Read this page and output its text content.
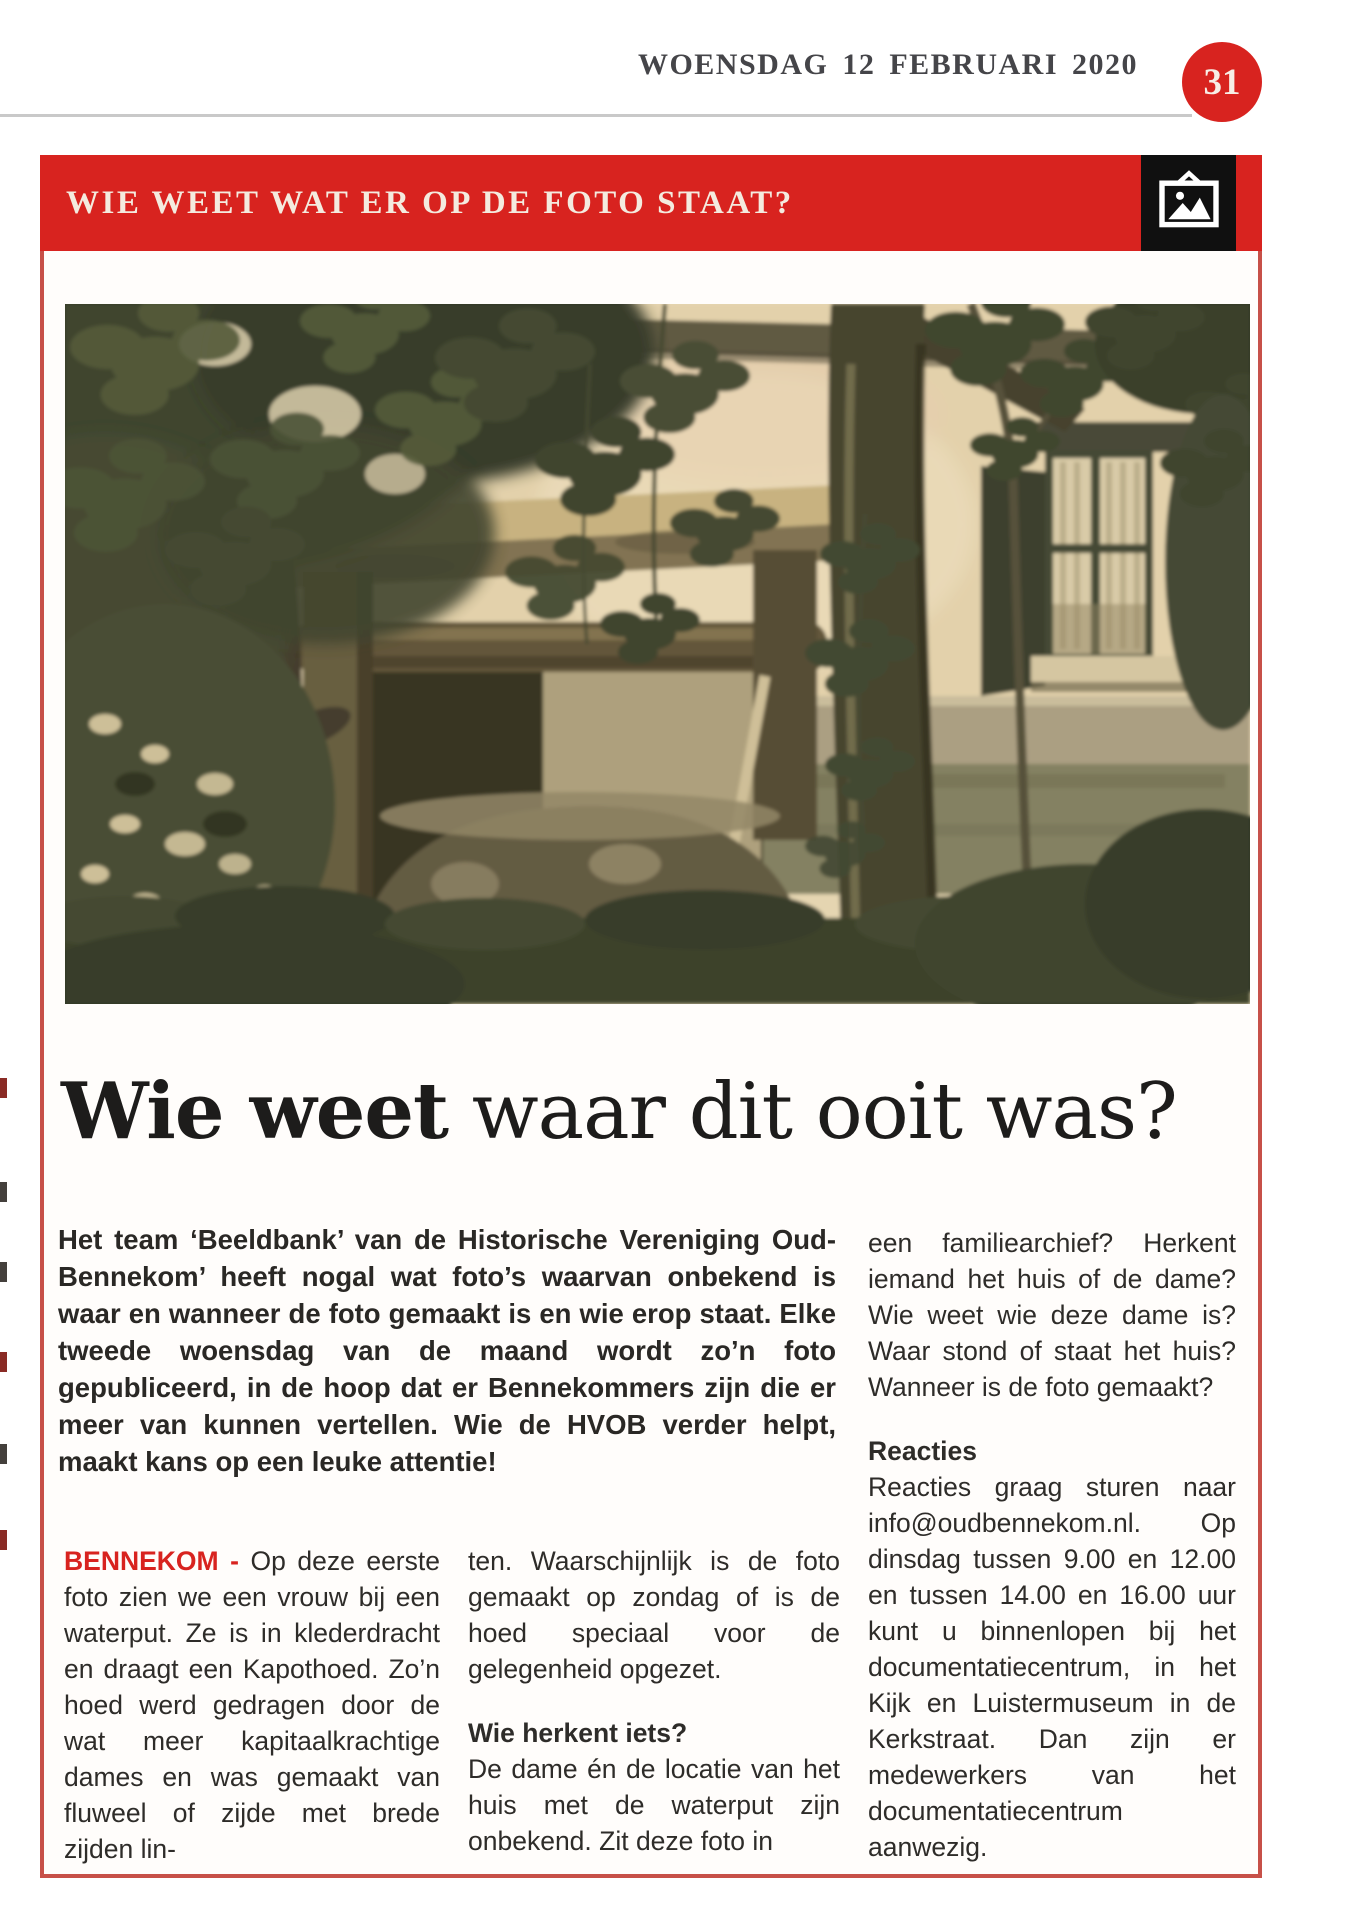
WOENSDAG 12 FEBRUARI 2020 31
WIE WEET WAT ER OP DE FOTO STAAT?
Wie weet waar dit ooit was?
Het team ‘Beeldbank’ van de Historische Vereniging Oud-Bennekom’ heeft nogal wat foto’s waarvan onbekend is waar en wanneer de foto gemaakt is en wie erop staat. Elke tweede woensdag van de maand wordt zo’n foto gepubliceerd, in de hoop dat er Bennekommers zijn die er meer van kunnen vertellen. Wie de HVOB verder helpt, maakt kans op een leuke attentie!

BENNEKOM - Op deze eerste foto zien we een vrouw bij een waterput. Ze is in klederdracht en draagt een Kapothoed. Zo’n hoed werd gedragen door de wat meer kapitaalkrachtige dames en was gemaakt van fluweel of zijde met brede zijden lin-

ten. Waarschijnlijk is de foto gemaakt op zondag of is de hoed speciaal voor de gelegenheid opgezet.

Wie herkent iets?

De dame én de locatie van het huis met de waterput zijn onbekend. Zit deze foto in

een familiearchief? Herkent iemand het huis of de dame? Wie weet wie deze dame is? Waar stond of staat het huis? Wanneer is de foto gemaakt?

Reacties

Reacties graag sturen naar info@oudbennekom.nl. Op dinsdag tussen 9.00 en 12.00 en tussen 14.00 en 16.00 uur kunt u binnenlopen bij het documentatiecentrum, in het Kijk en Luistermuseum in de Kerkstraat. Dan zijn er medewerkers van het documentatiecentrum aanwezig.
